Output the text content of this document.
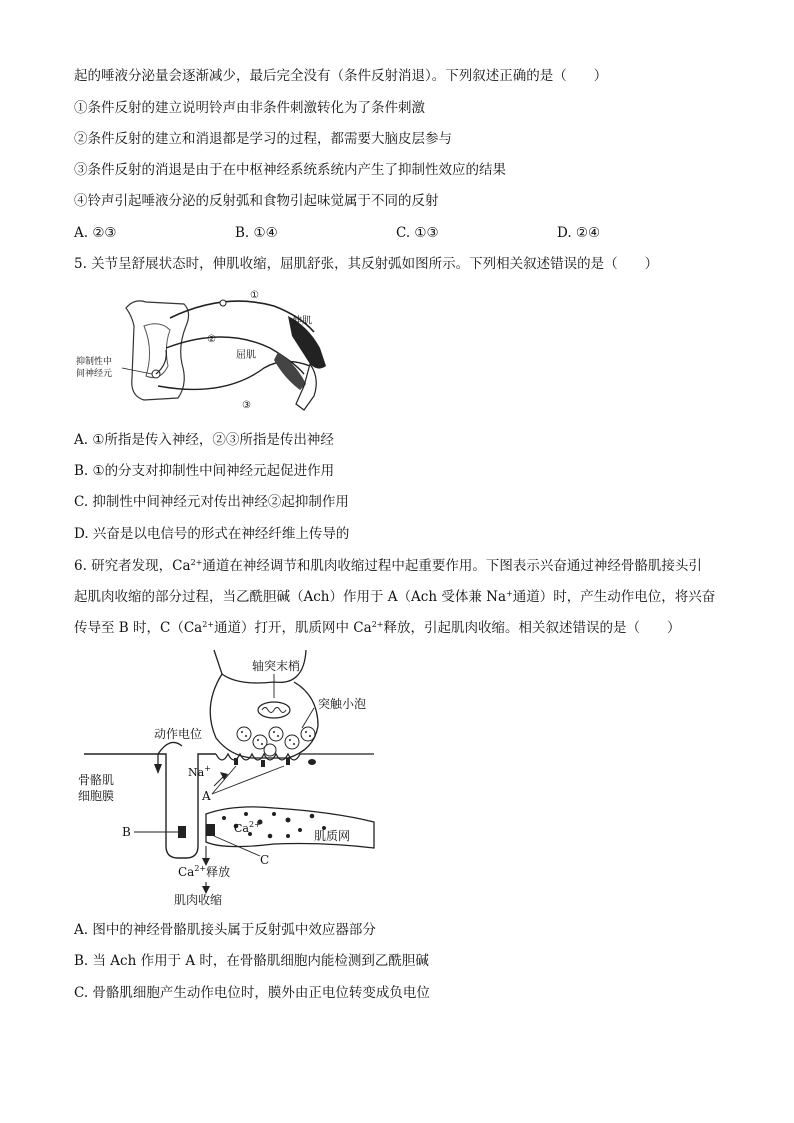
起的唾液分泌量会逐渐减少，最后完全没有（条件反射消退）。下列叙述正确的是（　　）
①条件反射的建立说明铃声由非条件刺激转化为了条件刺激
②条件反射的建立和消退都是学习的过程，都需要大脑皮层参与
③条件反射的消退是由于在中枢神经系统系统内产生了抑制性效应的结果
④铃声引起唾液分泌的反射弧和食物引起味觉属于不同的反射
A. ②③	B. ①④	C. ①③	D. ②④
5. 关节呈舒展状态时，伸肌收缩，屈肌舒张，其反射弧如图所示。下列相关叙述错误的是（　　）
①
②
③
伸肌
屈肌
抑制性中
间神经元
A. ①所指是传入神经，②③所指是传出神经
B. ①的分支对抑制性中间神经元起促进作用
C. 抑制性中间神经元对传出神经②起抑制作用
D. 兴奋是以电信号的形式在神经纤维上传导的
6. 研究者发现，$Ca^{2+}$通道在神经调节和肌肉收缩过程中起重要作用。下图表示兴奋通过神经骨骼肌接头引
起肌肉收缩的部分过程，当乙酰胆碱（Ach）作用于 A（Ach 受体兼 Na+通道）时，产生动作电位，将兴奋
传导至 B 时，$C(Ca^{2+}$通道）打开，肌质网中 $Ca^{2+}$释放，引起肌肉收缩。相关叙述错误的是（　　）
轴突末梢
突触小泡
动作电位
Na+
骨骼肌
细胞膜	A
B
C
$Ca^{2+}$
肌质网
$Ca^{2+}$释放
肌肉收缩
A. 图中的神经骨骼肌接头属于反射弧中效应器部分
B. 当 Ach 作用于 A 时，在骨骼肌细胞内能检测到乙酰胆碱
C. 骨骼肌细胞产生动作电位时，膜外由正电位转变成负电位
